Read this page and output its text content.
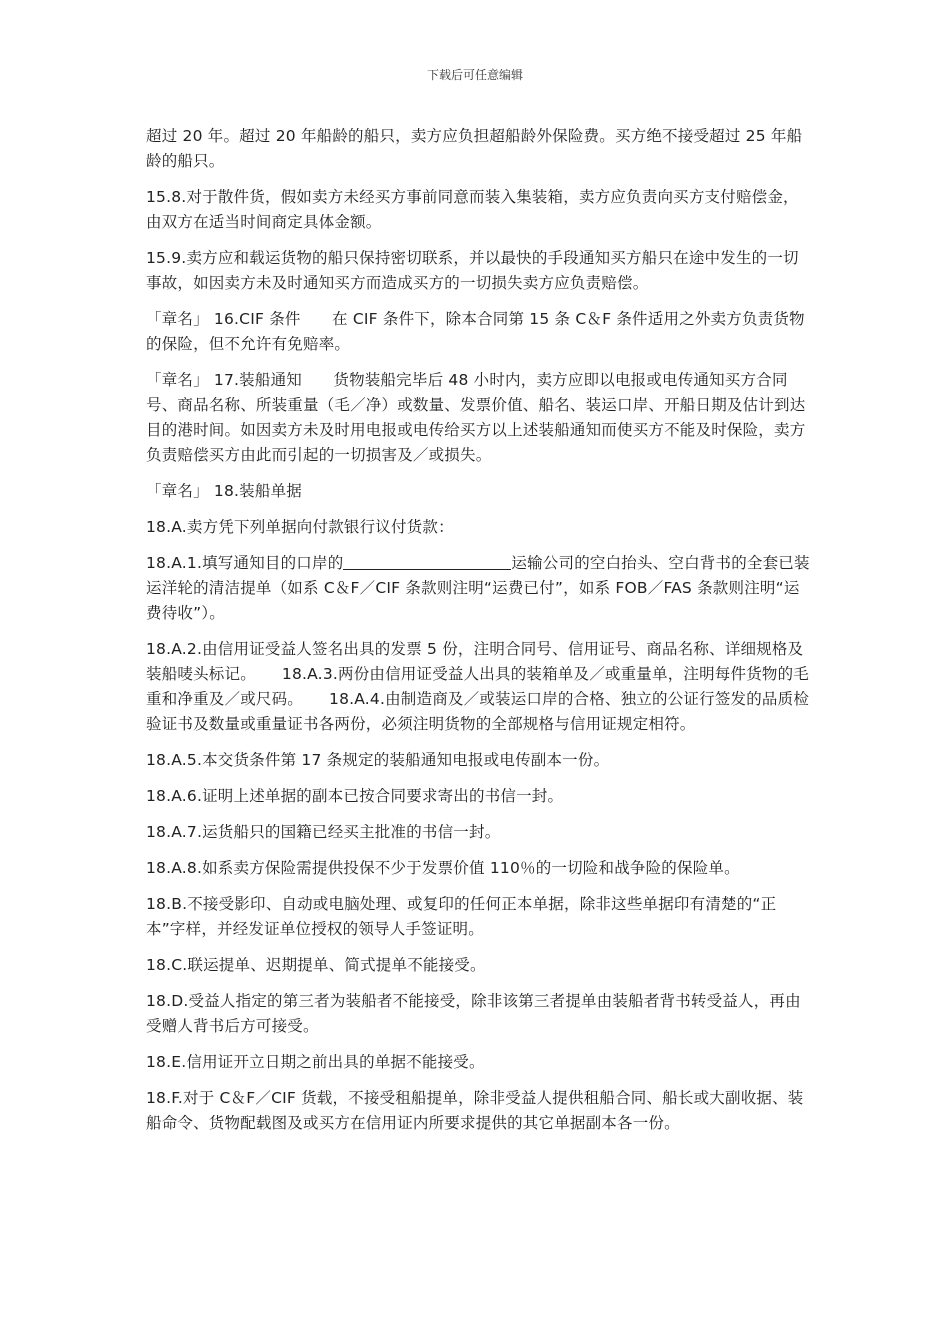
下载后可任意编辑

超过 20 年。超过 20 年船龄的船只，卖方应负担超船龄外保险费。买方绝不接受超过 25 年船龄的船只。

15.8.对于散件货，假如卖方未经买方事前同意而装入集装箱，卖方应负责向买方支付赔偿金，由双方在适当时间商定具体金额。

15.9.卖方应和载运货物的船只保持密切联系，并以最快的手段通知买方船只在途中发生的一切事故，如因卖方未及时通知买方而造成买方的一切损失卖方应负责赔偿。

「章名」 16.CIF 条件　　在 CIF 条件下，除本合同第 15 条 C＆F 条件适用之外卖方负责货物的保险，但不允许有免赔率。

「章名」 17.装船通知　　货物装船完毕后 48 小时内，卖方应即以电报或电传通知买方合同号、商品名称、所装重量（毛／净）或数量、发票价值、船名、装运口岸、开船日期及估计到达目的港时间。如因卖方未及时用电报或电传给买方以上述装船通知而使买方不能及时保险，卖方负责赔偿买方由此而引起的一切损害及／或损失。

「章名」 18.装船单据

18.A.卖方凭下列单据向付款银行议付货款：

18.A.1.填写通知目的口岸的	运输公司的空白抬头、空白背书的全套已装运洋轮的清洁提单（如系 C＆F／CIF 条款则注明“运费已付”，如系 FOB／FAS 条款则注明“运费待收”）。

18.A.2.由信用证受益人签名出具的发票 5 份，注明合同号、信用证号、商品名称、详细规格及装船唛头标记。 18.A.3.两份由信用证受益人出具的装箱单及／或重量单，注明每件货物的毛重和净重及／或尺码。 18.A.4.由制造商及／或装运口岸的合格、独立的公证行签发的品质检验证书及数量或重量证书各两份，必须注明货物的全部规格与信用证规定相符。

18.A.5.本交货条件第 17 条规定的装船通知电报或电传副本一份。

18.A.6.证明上述单据的副本已按合同要求寄出的书信一封。

18.A.7.运货船只的国籍已经买主批准的书信一封。

18.A.8.如系卖方保险需提供投保不少于发票价值 110％的一切险和战争险的保险单。

18.B.不接受影印、自动或电脑处理、或复印的任何正本单据，除非这些单据印有清楚的“正本”字样，并经发证单位授权的领导人手签证明。

18.C.联运提单、迟期提单、简式提单不能接受。

18.D.受益人指定的第三者为装船者不能接受，除非该第三者提单由装船者背书转受益人，再由受赠人背书后方可接受。

18.E.信用证开立日期之前出具的单据不能接受。

18.F.对于 C＆F／CIF 货载，不接受租船提单，除非受益人提供租船合同、船长或大副收据、装船命令、货物配载图及或买方在信用证内所要求提供的其它单据副本各一份。
